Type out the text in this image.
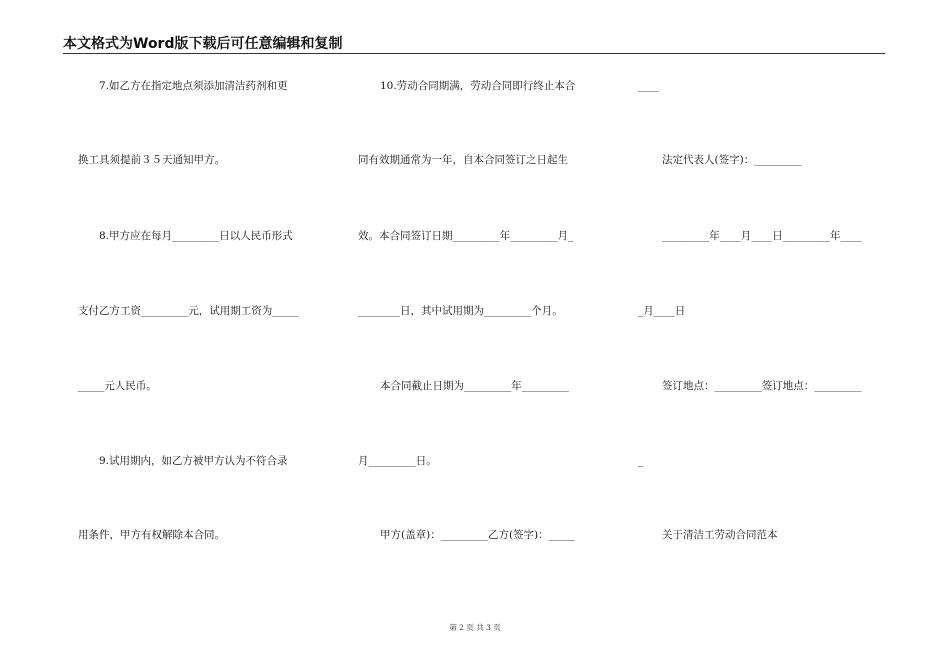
本文格式为Word版下载后可任意编辑和复制
7.如乙方在指定地点须添加清洁药剂和更
换工具须提前３５天通知甲方。
8.甲方应在每月_________日以人民币形式
支付乙方工资_________元，试用期工资为_____
_____元人民币。
9.试用期内，如乙方被甲方认为不符合录
用条件，甲方有权解除本合同。
10.劳动合同期满，劳动合同即行终止本合
同有效期通常为一年，自本合同签订之日起生
效。本合同签订日期_________年_________月_
________日，其中试用期为_________个月。
本合同截止日期为_________年_________
月_________日。
甲方(盖章)：_________乙方(签字)：_____
____
法定代表人(签字)：_________
_________年____月____日_________年____
_月____日
签订地点：_________签订地点：_________
_
关于清洁工劳动合同范本
第 2 页 共 3 页
